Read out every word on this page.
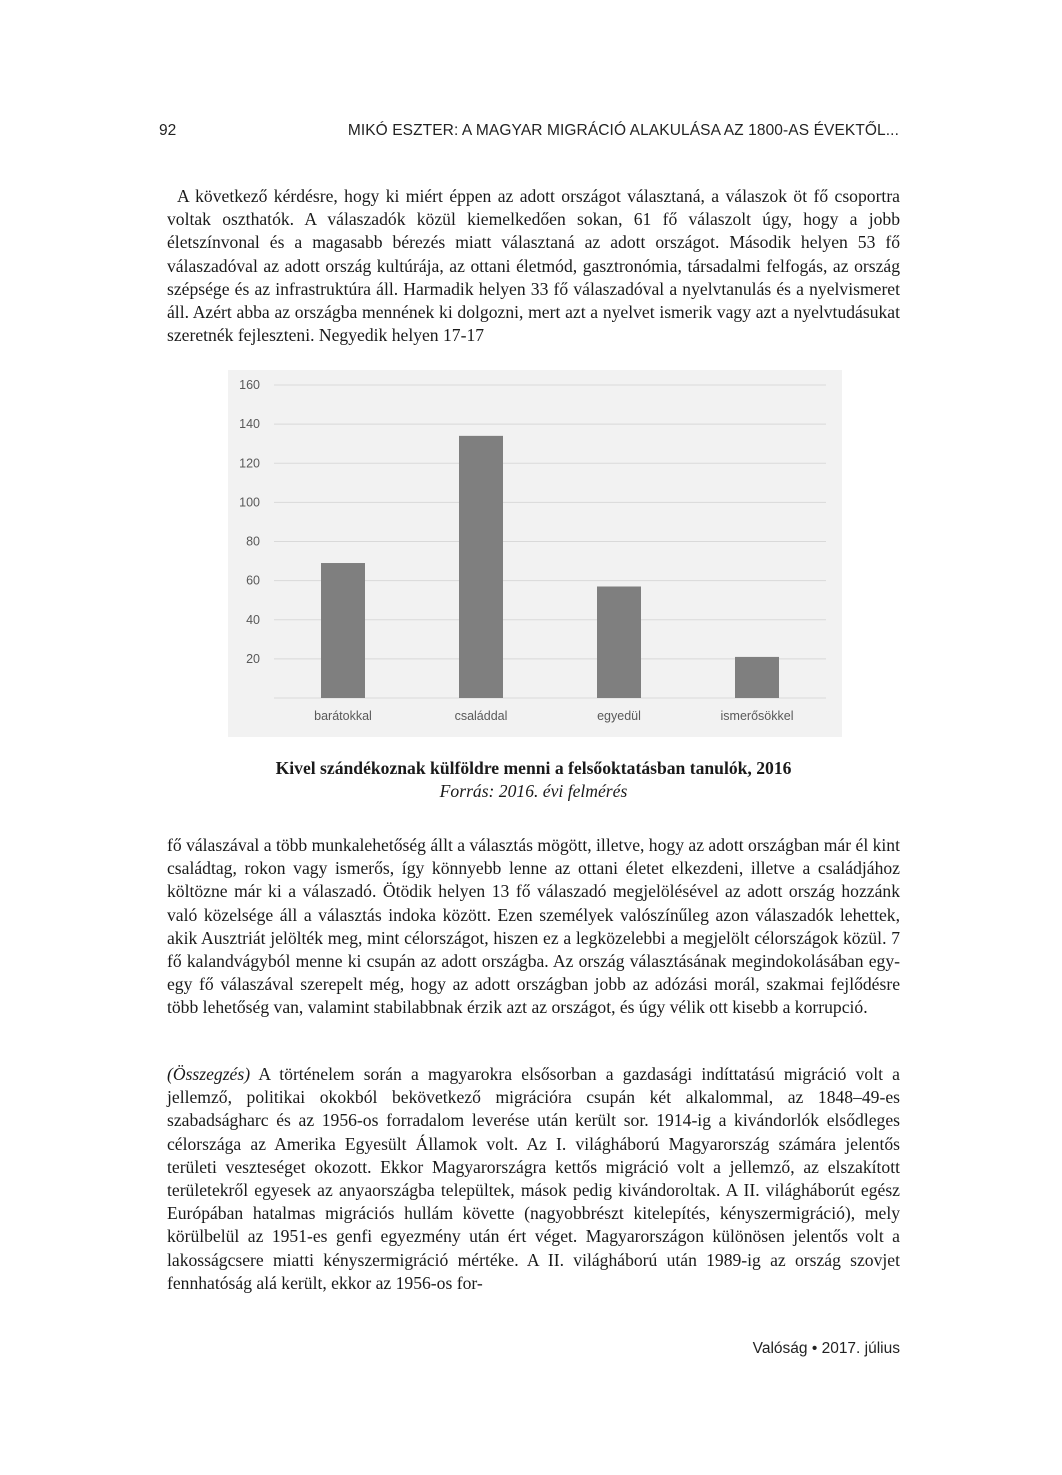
92	MIKÓ ESZTER: A MAGYAR MIGRÁCIÓ ALAKULÁSA AZ 1800-AS ÉVEKTŐL...

A következő kérdésre, hogy ki miért éppen az adott országot választaná, a válaszok öt fő csoportra voltak oszthatók. A válaszadók közül kiemelkedően sokan, 61 fő válaszolt úgy, hogy a jobb életszínvonal és a magasabb bérezés miatt választaná az adott országot. Második helyen 53 fő válaszadóval az adott ország kultúrája, az ottani életmód, gasztronómia, társadalmi felfogás, az ország szépsége és az infrastruktúra áll. Harmadik helyen 33 fő válaszadóval a nyelvtanulás és a nyelvismeret áll. Azért abba az országba mennének ki dolgozni, mert azt a nyelvet ismerik vagy azt a nyelvtudásukat szeretnék fejleszteni. Negyedik helyen 17-17

20
40
60
80
100
120
140
160
barátokkal	családdal	egyedül	ismerősökkel
Kivel szándékoznak külföldre menni a felsőoktatásban tanulók, 2016
Forrás: 2016. évi felmérés

fő válaszával a több munkalehetőség állt a választás mögött, illetve, hogy az adott országban már él kint családtag, rokon vagy ismerős, így könnyebb lenne az ottani életet elkezdeni, illetve a családjához költözne már ki a válaszadó. Ötödik helyen 13 fő válaszadó megjelölésével az adott ország hozzánk való közelsége áll a választás indoka között. Ezen személyek valószínűleg azon válaszadók lehettek, akik Ausztriát jelölték meg, mint célországot, hiszen ez a legközelebbi a megjelölt célországok közül. 7 fő kalandvágyból menne ki csupán az adott országba. Az ország választásának megindokolásában egy-egy fő válaszával szerepelt még, hogy az adott országban jobb az adózási morál, szakmai fejlődésre több lehetőség van, valamint stabilabbnak érzik azt az országot, és úgy vélik ott kisebb a korrupció.

(Összegzés) A történelem során a magyarokra elsősorban a gazdasági indíttatású migráció volt a jellemző, politikai okokból bekövetkező migrációra csupán két alkalommal, az 1848–49-es szabadságharc és az 1956-os forradalom leverése után került sor. 1914-ig a kivándorlók elsődleges célországa az Amerika Egyesült Államok volt. Az I. világháború Magyarország számára jelentős területi veszteséget okozott. Ekkor Magyarországra kettős migráció volt a jellemző, az elszakított területekről egyesek az anyaországba települtek, mások pedig kivándoroltak. A II. világháborút egész Európában hatalmas migrációs hullám követte (nagyobbrészt kitelepítés, kényszermigráció), mely körülbelül az 1951-es genfi egyezmény után ért véget. Magyarországon különösen jelentős volt a lakosságcsere miatti kényszermigráció mértéke. A II. világháború után 1989-ig az ország szovjet fennhatóság alá került, ekkor az 1956-os for-

Valóság • 2017. július
